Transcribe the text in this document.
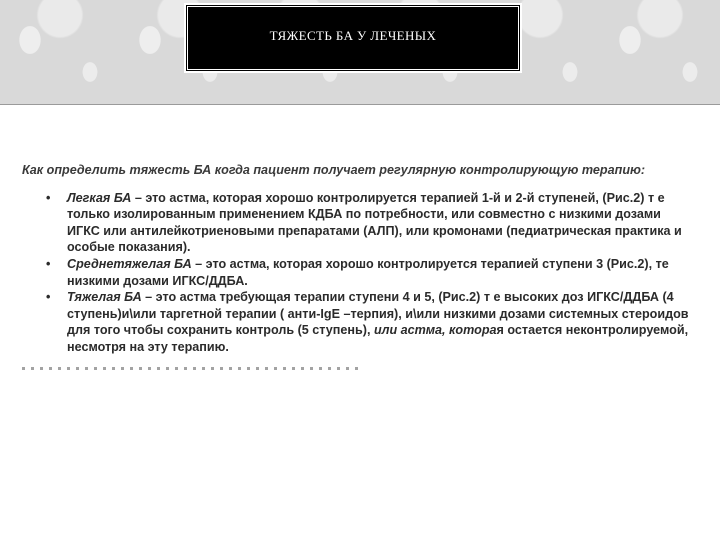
ТЯЖЕСТЬ БА У ЛЕЧЕНЫХ

Как определить тяжесть БА когда пациент получает регулярную контролирующую терапию:

• Легкая БА – это астма, которая хорошо контролируется терапией 1-й и 2-й ступеней, (Рис.2) т е только изолированным применением КДБА по потребности, или совместно с низкими дозами ИГКС или антилейкотриеновыми препаратами (АЛП), или кромонами (педиатрическая практика и особые показания).
• Среднетяжелая БА – это астма, которая хорошо контролируется терапией ступени 3 (Рис.2), те низкими дозами ИГКС/ДДБА.
• Тяжелая БА – это астма требующая терапии ступени 4 и 5, (Рис.2) т е высоких доз ИГКС/ДДБА (4 ступень)и\или таргетной терапии ( анти-IgE –терпия), и\или низкими дозами системных стероидов для того чтобы сохранить контроль (5 ступень), или астма, которая остается неконтролируемой, несмотря на эту терапию.
